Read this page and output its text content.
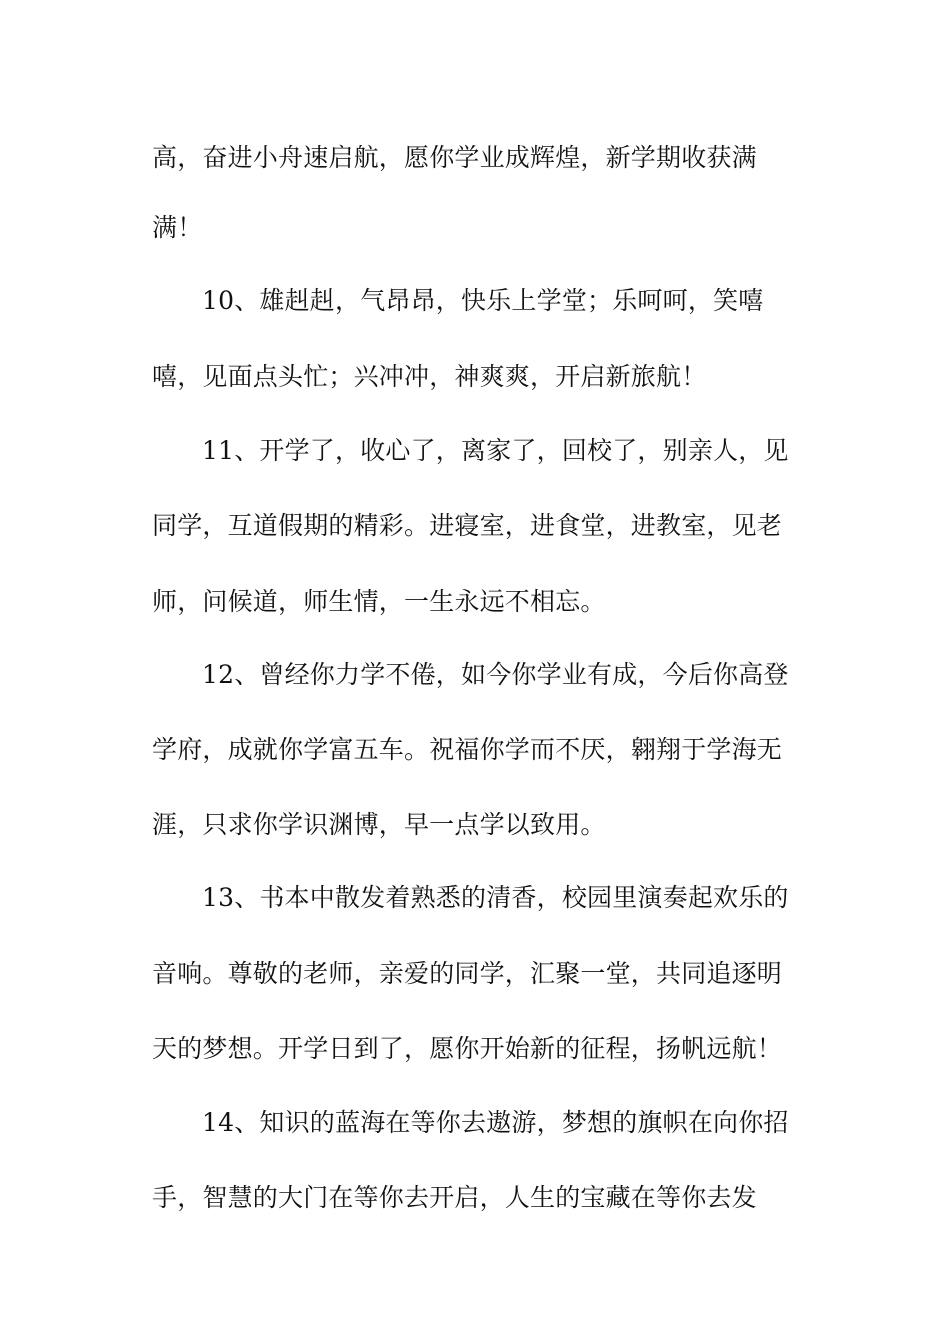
高，奋进小舟速启航，愿你学业成辉煌，新学期收获满
满！
10、雄赳赳，气昂昂，快乐上学堂；乐呵呵，笑嘻
嘻，见面点头忙；兴冲冲，神爽爽，开启新旅航！
11、开学了，收心了，离家了，回校了，别亲人，见
同学，互道假期的精彩。进寝室，进食堂，进教室，见老
师，问候道，师生情，一生永远不相忘。
12、曾经你力学不倦，如今你学业有成，今后你高登
学府，成就你学富五车。祝福你学而不厌，翱翔于学海无
涯，只求你学识渊博，早一点学以致用。
13、书本中散发着熟悉的清香，校园里演奏起欢乐的
音响。尊敬的老师，亲爱的同学，汇聚一堂，共同追逐明
天的梦想。开学日到了，愿你开始新的征程，扬帆远航！
14、知识的蓝海在等你去遨游，梦想的旗帜在向你招
手，智慧的大门在等你去开启，人生的宝藏在等你去发
